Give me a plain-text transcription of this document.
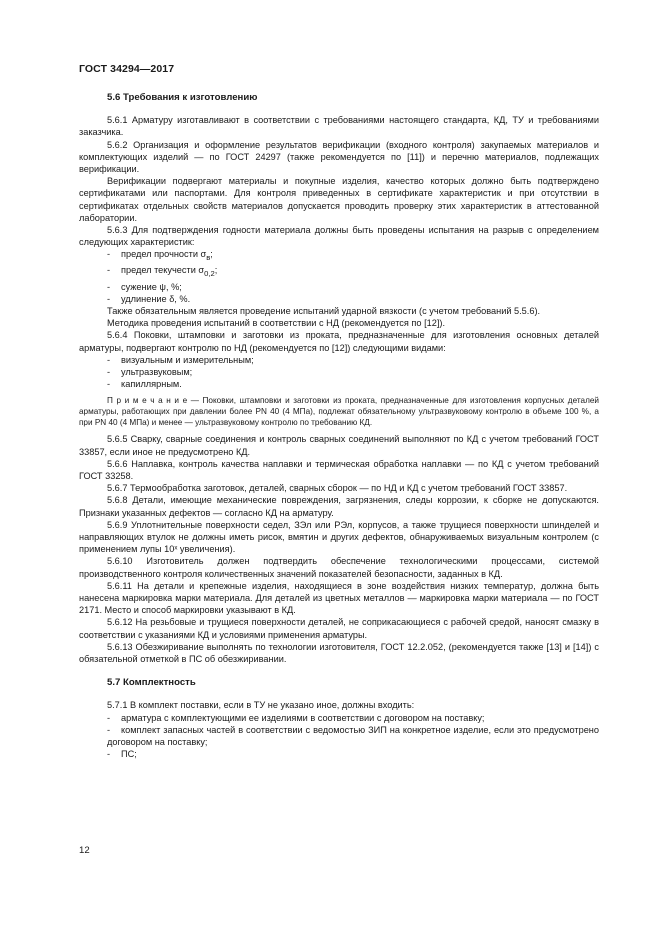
ГОСТ 34294—2017

5.6 Требования к изготовлению

5.6.1 Арматуру изготавливают в соответствии с требованиями настоящего стандарта, КД, ТУ и требованиями заказчика.

5.6.2 Организация и оформление результатов верификации (входного контроля) закупаемых материалов и комплектующих изделий — по ГОСТ 24297 (также рекомендуется по [11]) и перечню материалов, подлежащих верификации.

Верификации подвергают материалы и покупные изделия, качество которых должно быть подтверждено сертификатами или паспортами. Для контроля приведенных в сертификате характеристик и при отсутствии в сертификатах отдельных свойств материалов допускается проводить проверку этих характеристик в аттестованной лаборатории.

5.6.3 Для подтверждения годности материала должны быть проведены испытания на разрыв с определением следующих характеристик:

- предел прочности $\sigma_в$;

- предел текучести $\sigma_{0,2}$;

- сужение ψ, %;

- удлинение δ, %.

Также обязательным является проведение испытаний ударной вязкости (с учетом требований 5.5.6).

Методика проведения испытаний в соответствии с НД (рекомендуется по [12]).

5.6.4 Поковки, штамповки и заготовки из проката, предназначенные для изготовления основных деталей арматуры, подвергают контролю по НД (рекомендуется по [12]) следующими видами:

- визуальным и измерительным;

- ультразвуковым;

- капиллярным.

П р и м е ч а н и е — Поковки, штамповки и заготовки из проката, предназначенные для изготовления корпусных деталей арматуры, работающих при давлении более PN 40 (4 МПа), подлежат обязательному ультразвуковому контролю в объеме 100 %, а при PN 40 (4 МПа) и менее — ультразвуковому контролю по требованию КД.

5.6.5 Сварку, сварные соединения и контроль сварных соединений выполняют по КД с учетом требований ГОСТ 33857, если иное не предусмотрено КД.

5.6.6 Наплавка, контроль качества наплавки и термическая обработка наплавки — по КД с учетом требований ГОСТ 33258.

5.6.7 Термообработка заготовок, деталей, сварных сборок — по НД и КД с учетом требований ГОСТ 33857.

5.6.8 Детали, имеющие механические повреждения, загрязнения, следы коррозии, к сборке не допускаются. Признаки указанных дефектов — согласно КД на арматуру.

5.6.9 Уплотнительные поверхности седел, ЗЭл или РЭл, корпусов, а также трущиеся поверхности шпинделей и направляющих втулок не должны иметь рисок, вмятин и других дефектов, обнаруживаемых визуальным контролем (с применением лупы 10ˣ увеличения).

5.6.10 Изготовитель должен подтвердить обеспечение технологическими процессами, системой производственного контроля количественных значений показателей безопасности, заданных в КД.

5.6.11 На детали и крепежные изделия, находящиеся в зоне воздействия низких температур, должна быть нанесена маркировка марки материала. Для деталей из цветных металлов — маркировка марки материала — по ГОСТ 2171. Место и способ маркировки указывают в КД.

5.6.12 На резьбовые и трущиеся поверхности деталей, не соприкасающиеся с рабочей средой, наносят смазку в соответствии с указаниями КД и условиями применения арматуры.

5.6.13 Обезжиривание выполнять по технологии изготовителя, ГОСТ 12.2.052, (рекомендуется также [13] и [14]) с обязательной отметкой в ПС об обезжиривании.

5.7 Комплектность

5.7.1 В комплект поставки, если в ТУ не указано иное, должны входить:

- арматура с комплектующими ее изделиями в соответствии с договором на поставку;

- комплект запасных частей в соответствии с ведомостью ЗИП на конкретное изделие, если это предусмотрено договором на поставку;

- ПС;

12
